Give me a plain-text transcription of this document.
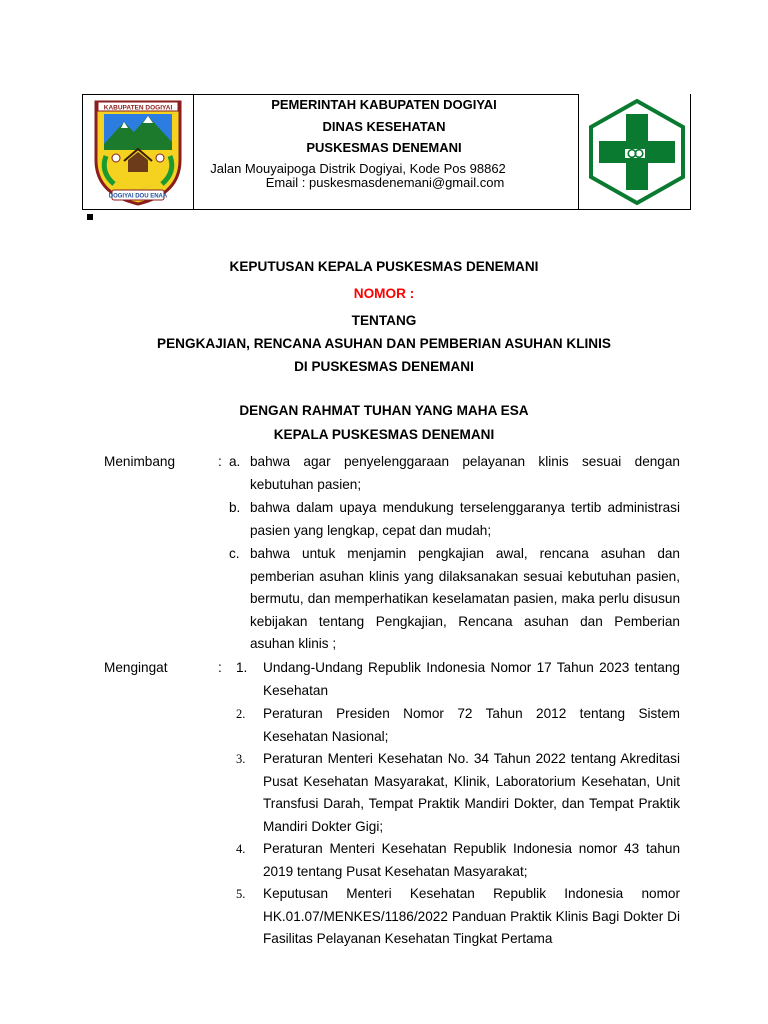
KABUPATEN DOGIYAI
DOGIYAI DOU ENAA
PEMERINTAH KABUPATEN DOGIYAI
DINAS KESEHATAN
PUSKESMAS DENEMANI
Jalan Mouyaipoga Distrik Dogiyai, Kode Pos 98862
Email : puskesmasdenemani@gmail.com
KEPUTUSAN KEPALA PUSKESMAS DENEMANI
NOMOR :
TENTANG
PENGKAJIAN, RENCANA ASUHAN DAN PEMBERIAN ASUHAN KLINIS
DI PUSKESMAS DENEMANI
DENGAN RAHMAT TUHAN YANG MAHA ESA
KEPALA PUSKESMAS DENEMANI
Menimbang	: a. bahwa agar penyelenggaraan pelayanan klinis sesuai dengan kebutuhan pasien;

b. bahwa dalam upaya mendukung terselenggaranya tertib administrasi pasien yang lengkap, cepat dan mudah;

c. bahwa untuk menjamin pengkajian awal, rencana asuhan dan pemberian asuhan klinis yang dilaksanakan sesuai kebutuhan pasien, bermutu, dan memperhatikan keselamatan pasien, maka perlu disusun kebijakan tentang Pengkajian, Rencana asuhan dan Pemberian asuhan klinis ;

Mengingat	: 1. Undang-Undang Republik Indonesia Nomor 17 Tahun 2023 tentang Kesehatan

2. Peraturan Presiden Nomor 72 Tahun 2012 tentang Sistem Kesehatan Nasional;

3. Peraturan Menteri Kesehatan No. 34 Tahun 2022 tentang Akreditasi Pusat Kesehatan Masyarakat, Klinik, Laboratorium Kesehatan, Unit Transfusi Darah, Tempat Praktik Mandiri Dokter, dan Tempat Praktik Mandiri Dokter Gigi;

4. Peraturan Menteri Kesehatan Republik Indonesia nomor 43 tahun 2019 tentang Pusat Kesehatan Masyarakat;

5. Keputusan Menteri Kesehatan Republik Indonesia nomor HK.01.07/MENKES/1186/2022 Panduan Praktik Klinis Bagi Dokter Di Fasilitas Pelayanan Kesehatan Tingkat Pertama
